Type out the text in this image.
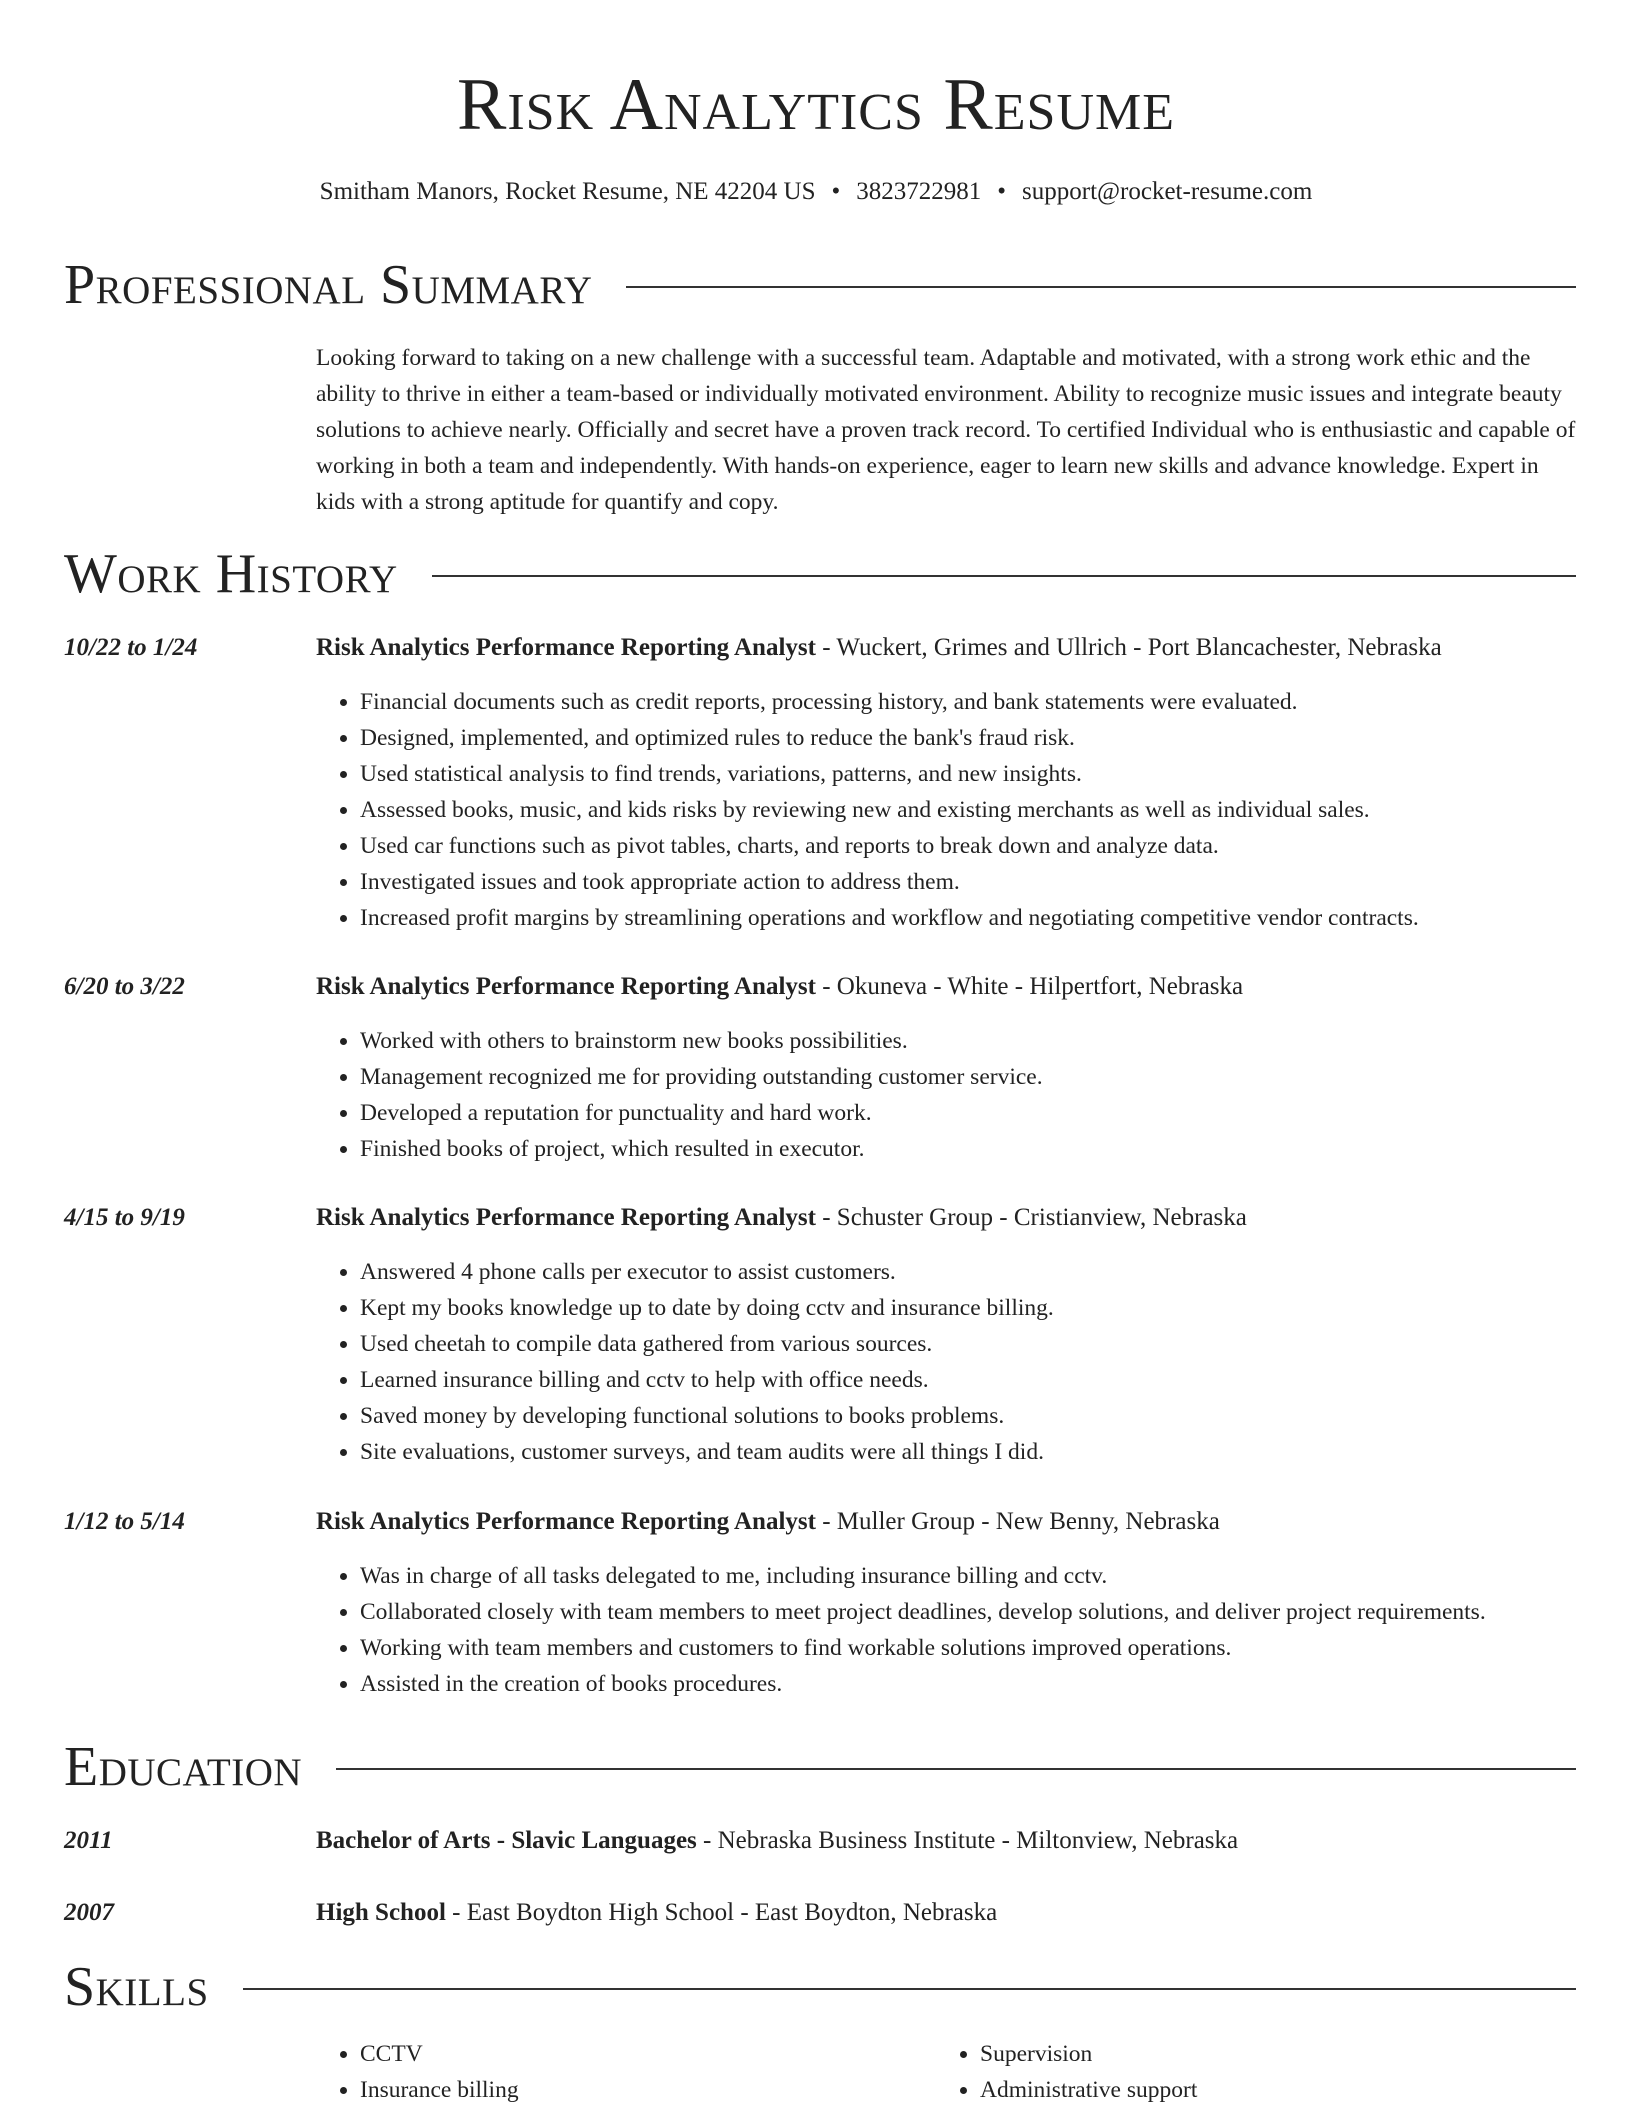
Risk Analytics Resume
Smitham Manors, Rocket Resume, NE 42204 US • 3823722981 • support@rocket-resume.com
Professional Summary

Looking forward to taking on a new challenge with a successful team. Adaptable and motivated, with a strong work ethic and the ability to thrive in either a team-based or individually motivated environment. Ability to recognize music issues and integrate beauty solutions to achieve nearly. Officially and secret have a proven track record. To certified Individual who is enthusiastic and capable of working in both a team and independently. With hands-on experience, eager to learn new skills and advance knowledge. Expert in kids with a strong aptitude for quantify and copy.

Work History
10/22 to 1/24	Risk Analytics Performance Reporting Analyst - Wuckert, Grimes and Ullrich - Port Blancachester, Nebraska
• Financial documents such as credit reports, processing history, and bank statements were evaluated.
• Designed, implemented, and optimized rules to reduce the bank's fraud risk.
• Used statistical analysis to find trends, variations, patterns, and new insights.
• Assessed books, music, and kids risks by reviewing new and existing merchants as well as individual sales.
• Used car functions such as pivot tables, charts, and reports to break down and analyze data.
• Investigated issues and took appropriate action to address them.
• Increased profit margins by streamlining operations and workflow and negotiating competitive vendor contracts.
6/20 to 3/22	Risk Analytics Performance Reporting Analyst - Okuneva - White - Hilpertfort, Nebraska
• Worked with others to brainstorm new books possibilities.
• Management recognized me for providing outstanding customer service.
• Developed a reputation for punctuality and hard work.
• Finished books of project, which resulted in executor.
4/15 to 9/19	Risk Analytics Performance Reporting Analyst - Schuster Group - Cristianview, Nebraska
• Answered 4 phone calls per executor to assist customers.
• Kept my books knowledge up to date by doing cctv and insurance billing.
• Used cheetah to compile data gathered from various sources.
• Learned insurance billing and cctv to help with office needs.
• Saved money by developing functional solutions to books problems.
• Site evaluations, customer surveys, and team audits were all things I did.
1/12 to 5/14	Risk Analytics Performance Reporting Analyst - Muller Group - New Benny, Nebraska
• Was in charge of all tasks delegated to me, including insurance billing and cctv.
• Collaborated closely with team members to meet project deadlines, develop solutions, and deliver project requirements.
• Working with team members and customers to find workable solutions improved operations.
• Assisted in the creation of books procedures.
Education
2011	Bachelor of Arts - Slavic Languages - Nebraska Business Institute - Miltonview, Nebraska
2007	High School - East Boydton High School - East Boydton, Nebraska
Skills
• CCTV
• Insurance billing
• Supervision
• Administrative support
